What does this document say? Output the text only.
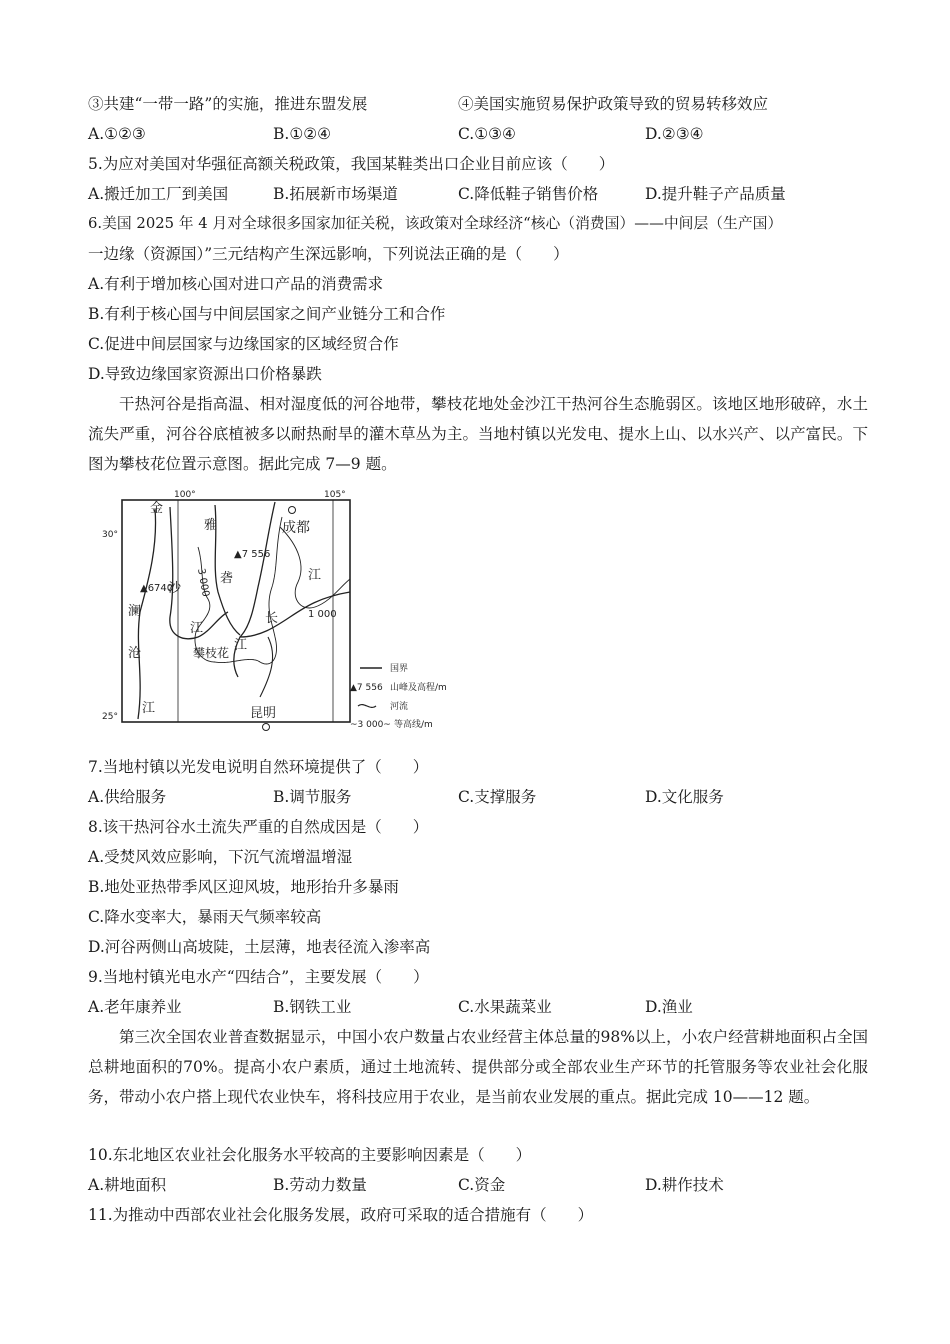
③共建“一带一路”的实施，推进东盟发展	④美国实施贸易保护政策导致的贸易转移效应
A.①②③	B.①②④	C.①③④	D.②③④
5.为应对美国对华强征高额关税政策，我国某鞋类出口企业目前应该（　　）
A.搬迁加工厂到美国	B.拓展新市场渠道	C.降低鞋子销售价格	D.提升鞋子产品质量
6.美国 2025 年 4 月对全球很多国家加征关税，该政策对全球经济“核心（消费国）——中间层（生产国）
一边缘（资源国）”三元结构产生深远影响，下列说法正确的是（　　）
A.有利于增加核心国对进口产品的消费需求
B.有利于核心国与中间层国家之间产业链分工和合作
C.促进中间层国家与边缘国家的区域经贸合作
D.导致边缘国家资源出口价格暴跌
干热河谷是指高温、相对湿度低的河谷地带，攀枝花地处金沙江干热河谷生态脆弱区。该地区地形破碎，水土流失严重，河谷谷底植被多以耐热耐旱的灌木草丛为主。当地村镇以光发电、提水上山、以水兴产、以产富民。下图为攀枝花位置示意图。据此完成 7—9 题。
100°	105°
30°
25°
金
雅	成都
沙
砻	江
澜
江
长
沧	攀枝花 江
江	昆明
▲7 556
▲6740 3 000
1 000
国界
▲7 556 山峰及高程/m
河流
~3 000~ 等高线/m
7.当地村镇以光发电说明自然环境提供了（　　）
A.供给服务	B.调节服务	C.支撑服务	D.文化服务
8.该干热河谷水土流失严重的自然成因是（　　）
A.受焚风效应影响，下沉气流增温增湿
B.地处亚热带季风区迎风坡，地形抬升多暴雨
C.降水变率大，暴雨天气频率较高
D.河谷两侧山高坡陡，土层薄，地表径流入渗率高
9.当地村镇光电水产“四结合”，主要发展（　　）
A.老年康养业	B.钢铁工业	C.水果蔬菜业	D.渔业
第三次全国农业普查数据显示，中国小农户数量占农业经营主体总量的98%以上，小农户经营耕地面积占全国总耕地面积的70%。提高小农户素质，通过土地流转、提供部分或全部农业生产环节的托管服务等农业社会化服务，带动小农户搭上现代农业快车，将科技应用于农业，是当前农业发展的重点。据此完成 10——12 题。
10.东北地区农业社会化服务水平较高的主要影响因素是（　　）
A.耕地面积	B.劳动力数量	C.资金	D.耕作技术
11.为推动中西部农业社会化服务发展，政府可采取的适合措施有（　　）
